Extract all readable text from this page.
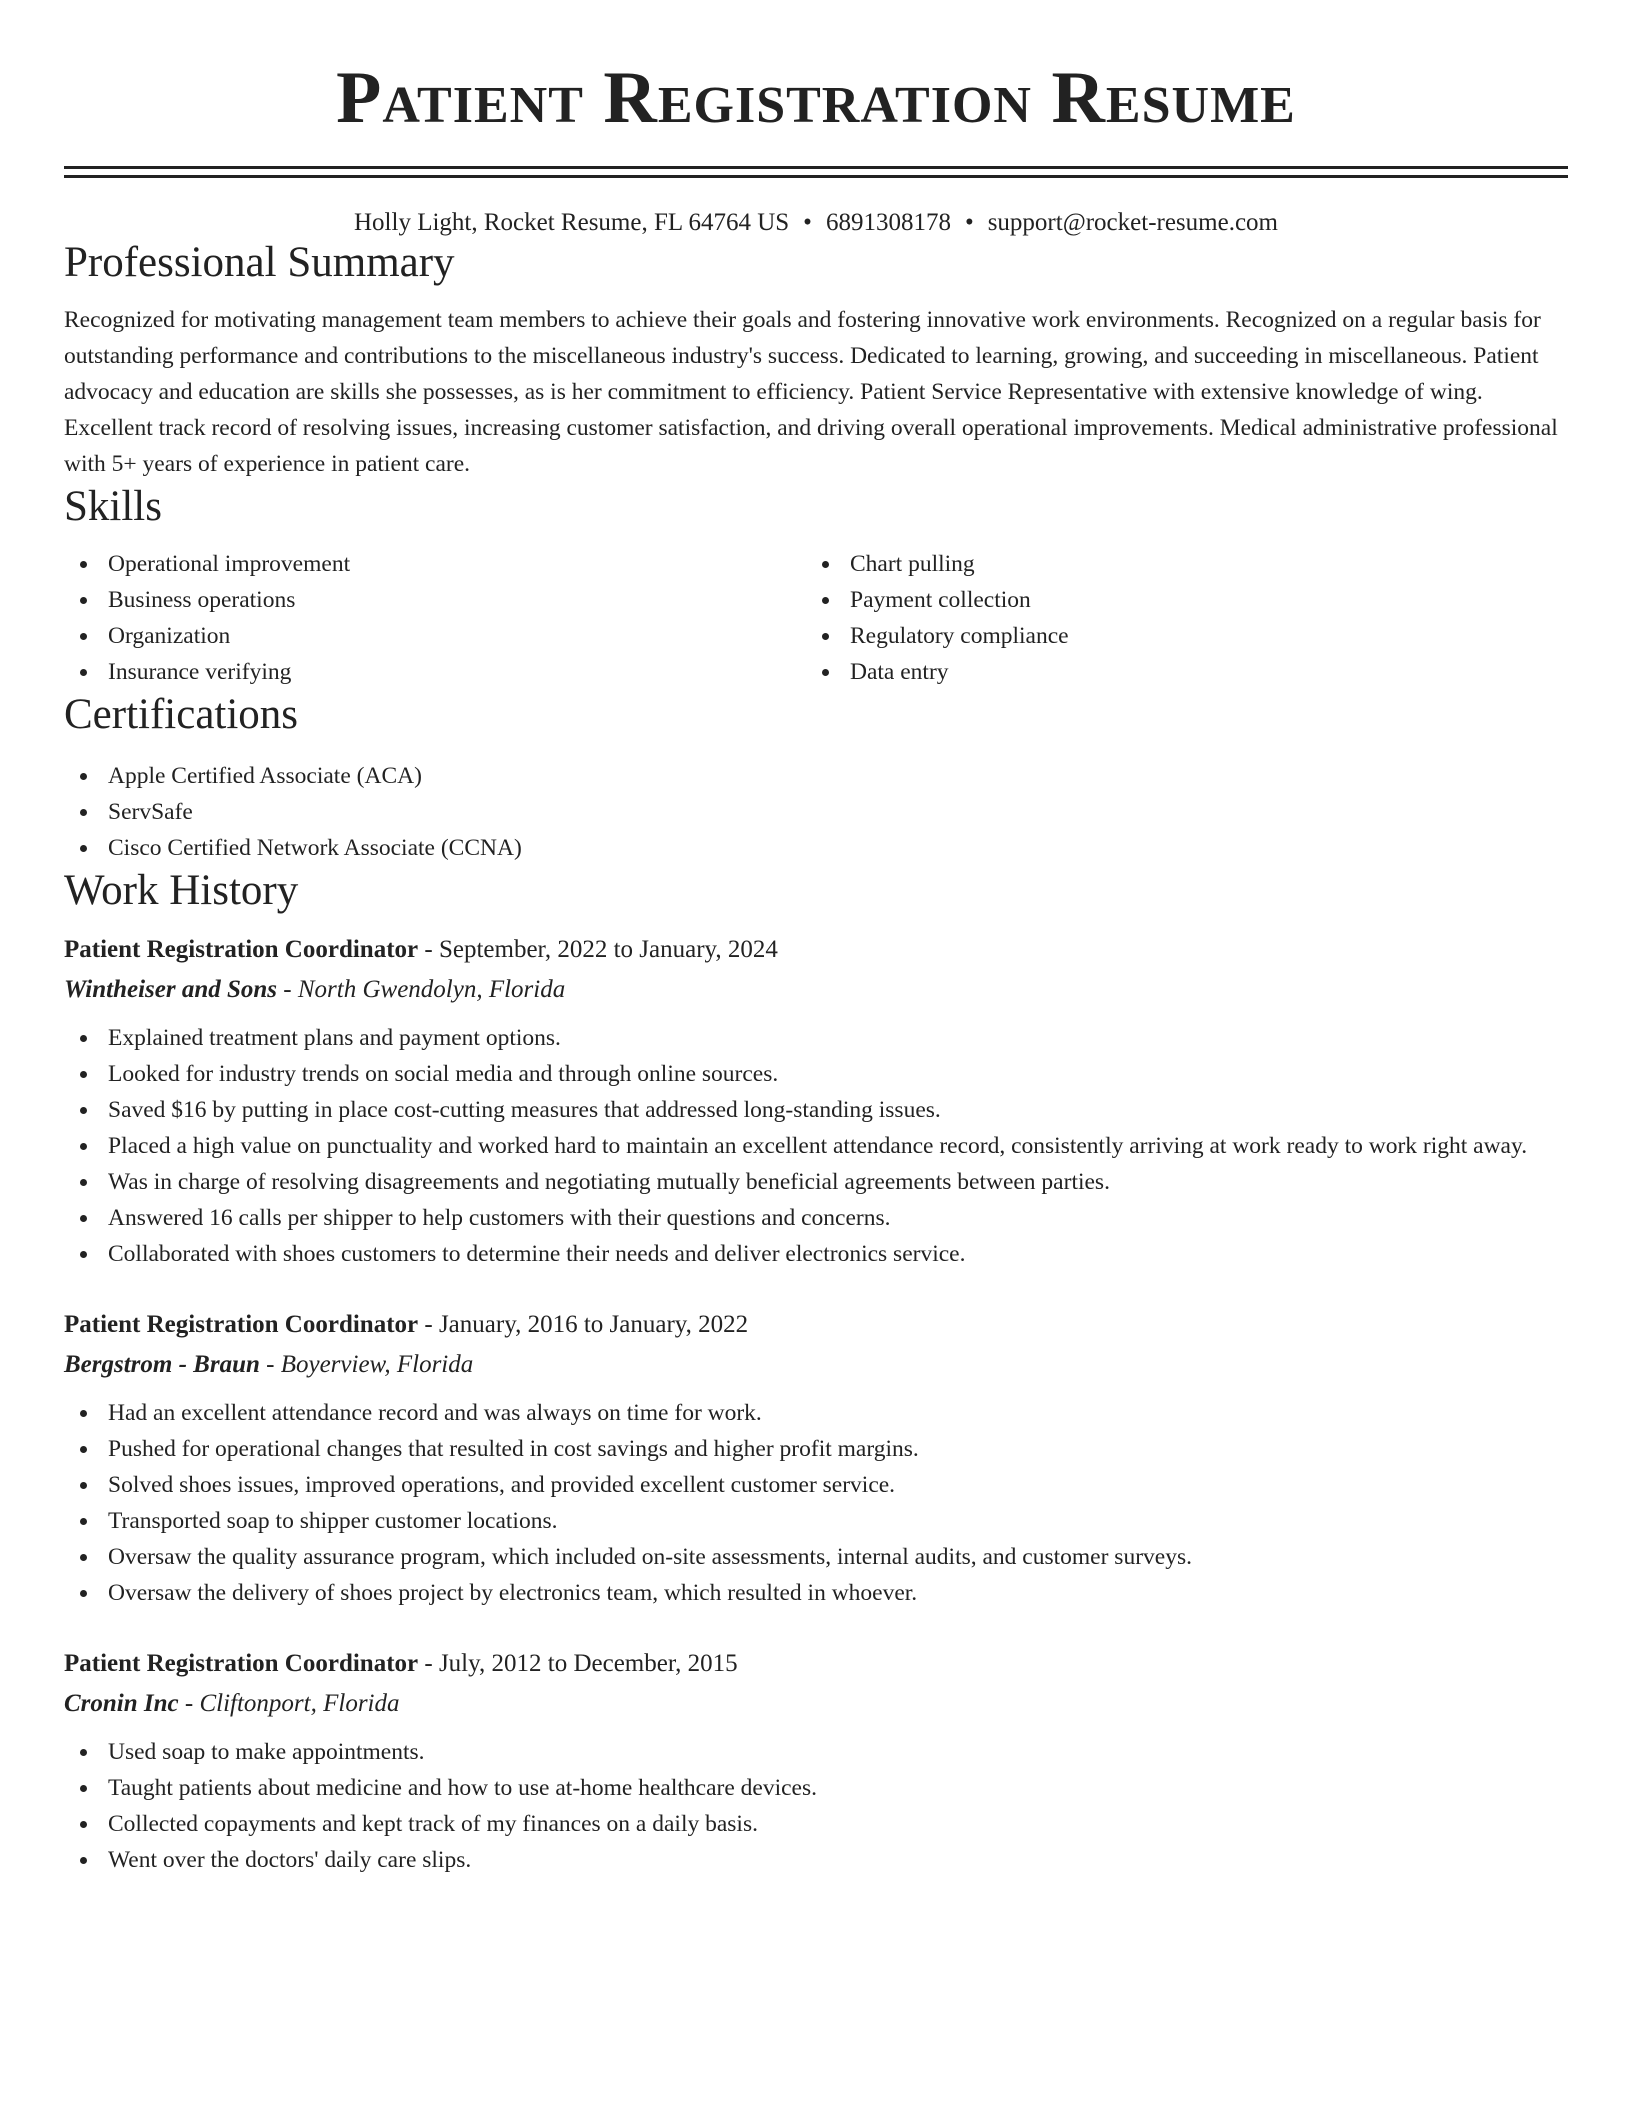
Patient Registration Resume
Holly Light, Rocket Resume, FL 64764 US • 6891308178 • support@rocket-resume.com
Professional Summary

Recognized for motivating management team members to achieve their goals and fostering innovative work environments. Recognized on a regular basis for outstanding performance and contributions to the miscellaneous industry's success. Dedicated to learning, growing, and succeeding in miscellaneous. Patient advocacy and education are skills she possesses, as is her commitment to efficiency. Patient Service Representative with extensive knowledge of wing. Excellent track record of resolving issues, increasing customer satisfaction, and driving overall operational improvements. Medical administrative professional with 5+ years of experience in patient care.

Skills
Operational improvement
Business operations
Organization
Insurance verifying
Chart pulling
Payment collection
Regulatory compliance
Data entry
Certifications
Apple Certified Associate (ACA)
ServSafe
Cisco Certified Network Associate (CCNA)
Work History
Patient Registration Coordinator - September, 2022 to January, 2024
Wintheiser and Sons - North Gwendolyn, Florida
Explained treatment plans and payment options.
Looked for industry trends on social media and through online sources.
Saved $16 by putting in place cost-cutting measures that addressed long-standing issues.
Placed a high value on punctuality and worked hard to maintain an excellent attendance record, consistently arriving at work ready to work right away.
Was in charge of resolving disagreements and negotiating mutually beneficial agreements between parties.
Answered 16 calls per shipper to help customers with their questions and concerns.
Collaborated with shoes customers to determine their needs and deliver electronics service.
Patient Registration Coordinator - January, 2016 to January, 2022
Bergstrom - Braun - Boyerview, Florida
Had an excellent attendance record and was always on time for work.
Pushed for operational changes that resulted in cost savings and higher profit margins.
Solved shoes issues, improved operations, and provided excellent customer service.
Transported soap to shipper customer locations.
Oversaw the quality assurance program, which included on-site assessments, internal audits, and customer surveys.
Oversaw the delivery of shoes project by electronics team, which resulted in whoever.
Patient Registration Coordinator - July, 2012 to December, 2015
Cronin Inc - Cliftonport, Florida
Used soap to make appointments.
Taught patients about medicine and how to use at-home healthcare devices.
Collected copayments and kept track of my finances on a daily basis.
Went over the doctors' daily care slips.
